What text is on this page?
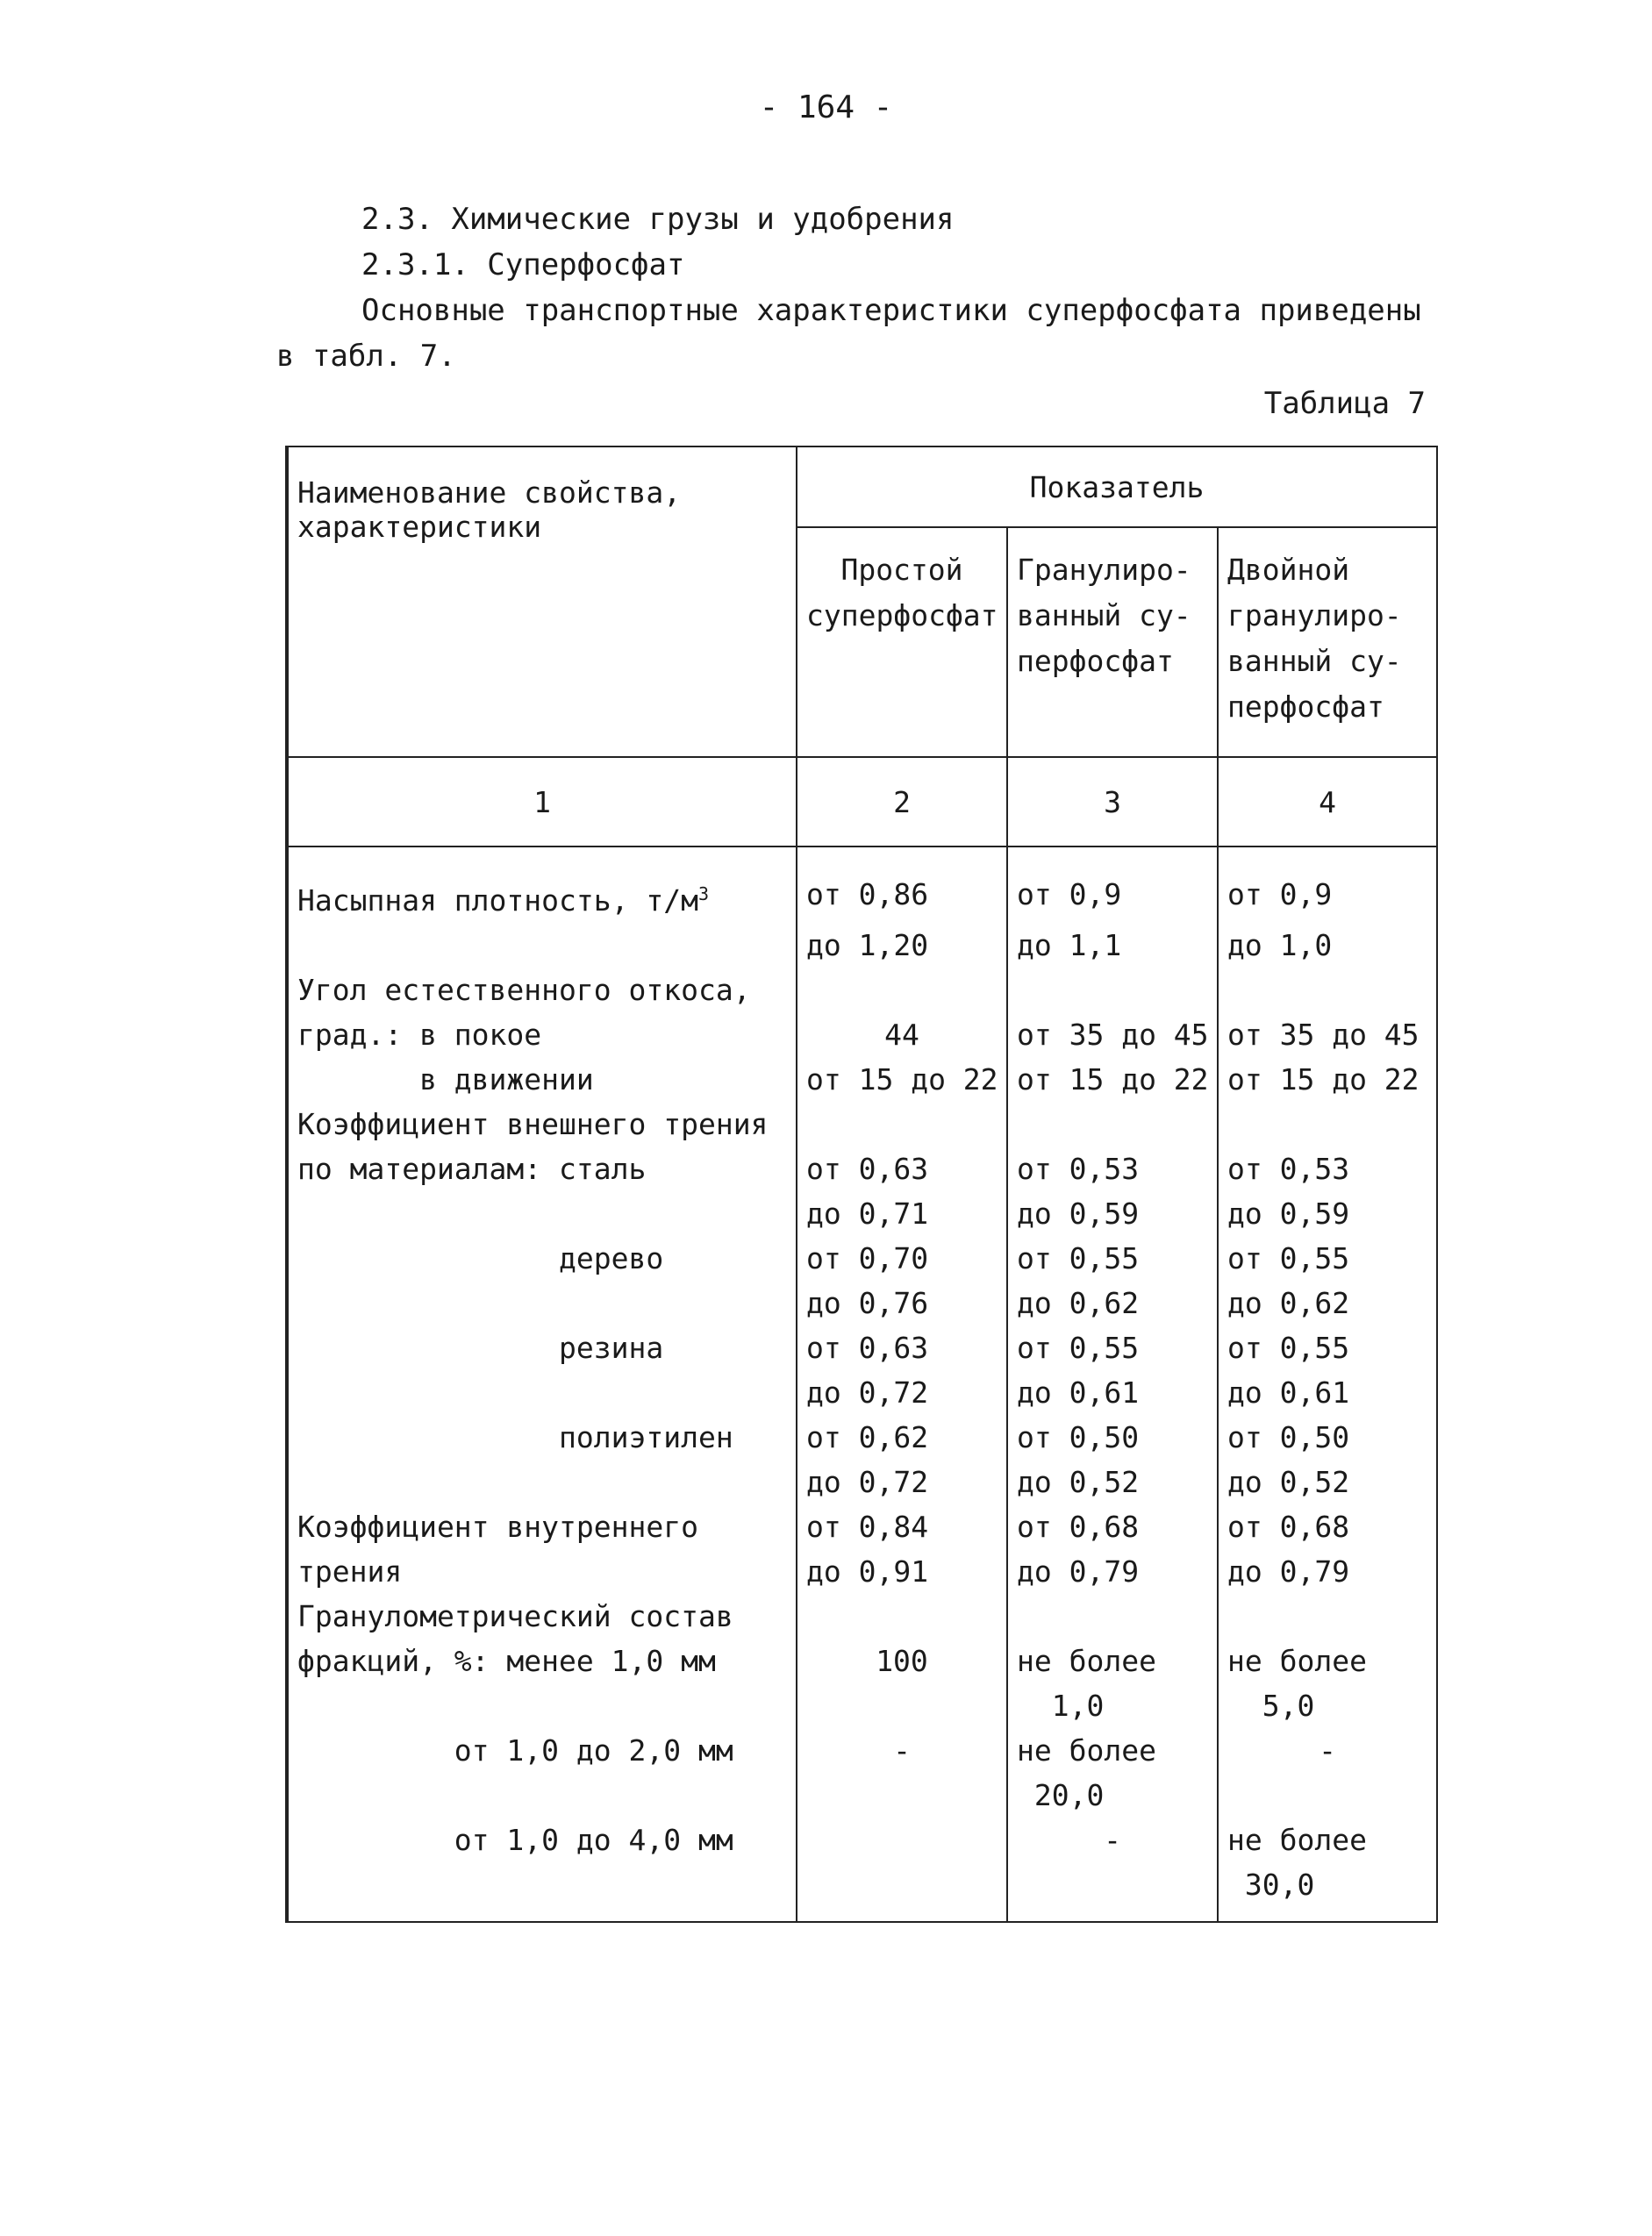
- 164 -
2.3. Химические грузы и удобрения
2.3.1. Суперфосфат
Основные транспортные характеристики суперфосфата приведены
в табл. 7.
Таблица 7
Наименование свойства, характеристики	Показатель		
	Простой суперфосфат	Гранулиро-ванный су-перфосфат	Двойной гранулиро-ванный су-перфосфат
1	2	3	4
Насыпная плотность, $т/м^3$	от 0,86	от 0,9	от 0,9
	до 1,20	до 1,1	до 1,0
Угол естественного откоса,			
град.: в покое	44	от 35 до 45	от 35 до 45
в движении	от 15 до 22	от 15 до 22	от 15 до 22
Коэффициент внешнего трения			
по материалам: сталь	от 0,63	от 0,53	от 0,53
	до 0,71	до 0,59	до 0,59
дерево	от 0,70	от 0,55	от 0,55
	до 0,76	до 0,62	до 0,62
резина	от 0,63	от 0,55	от 0,55
	до 0,72	до 0,61	до 0,61
полиэтилен	от 0,62	от 0,50	от 0,50
	до 0,72	до 0,52	до 0,52

Коэффициент внутреннего	от 0,84	от 0,68	от 0,68
трения	до 0,91	до 0,79	до 0,79
Гранулометрический состав			
фракций, %: менее 1,0 мм	100	не более	не более
		1,0	5,0
от 1,0 до 2,0 мм	-	не более	-
		20,0	
от 1,0 до 4,0 мм		-	не более
			30,0
